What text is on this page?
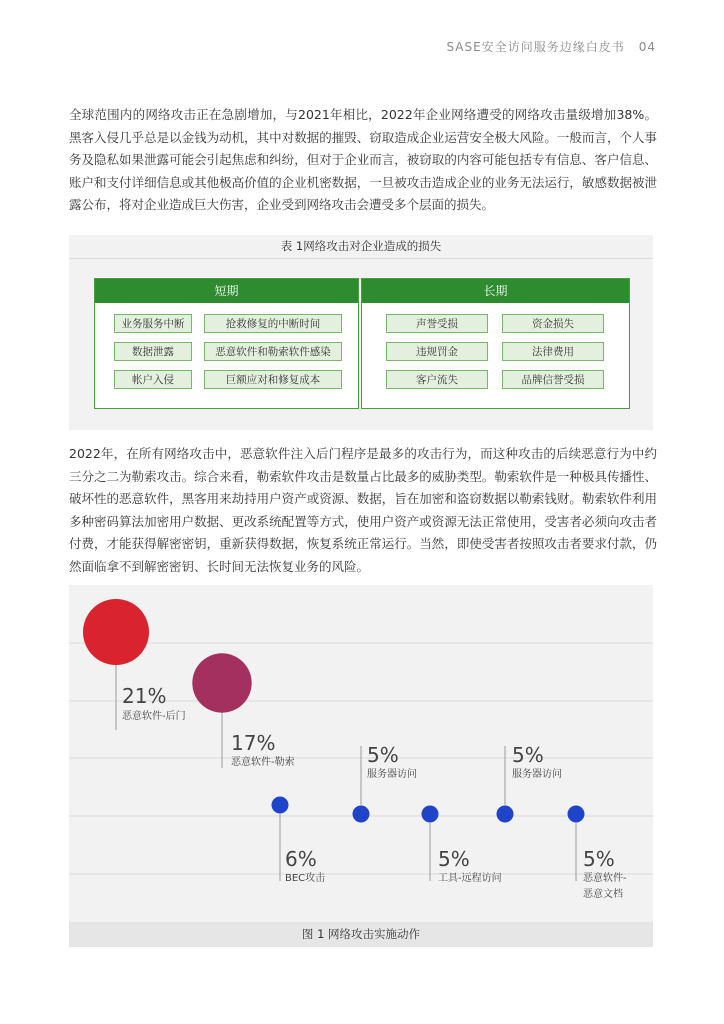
SASE安全访问服务边缘白皮书 04

全球范围内的网络攻击正在急剧增加，与2021年相比，2022年企业网络遭受的网络攻击量级增加38%。黑客入侵几乎总是以金钱为动机，其中对数据的摧毁、窃取造成企业运营安全极大风险。一般而言，个人事务及隐私如果泄露可能会引起焦虑和纠纷，但对于企业而言，被窃取的内容可能包括专有信息、客户信息、账户和支付详细信息或其他极高价值的企业机密数据，一旦被攻击造成企业的业务无法运行，敏感数据被泄露公布，将对企业造成巨大伤害，企业受到网络攻击会遭受多个层面的损失。

表 1网络攻击对企业造成的损失
短期
业务服务中断	抢救修复的中断时间
数据泄露	恶意软件和勒索软件感染
帐户入侵	巨额应对和修复成本
长期
声誉受损	资金损失
违规罚金	法律费用
客户流失	品牌信誉受损

2022年，在所有网络攻击中，恶意软件注入后门程序是最多的攻击行为，而这种攻击的后续恶意行为中约三分之二为勒索攻击。综合来看，勒索软件攻击是数量占比最多的威胁类型。勒索软件是一种极具传播性、破坏性的恶意软件，黑客用来劫持用户资产或资源、数据，旨在加密和盗窃数据以勒索钱财。勒索软件利用多种密码算法加密用户数据、更改系统配置等方式，使用户资产或资源无法正常使用，受害者必须向攻击者付费，才能获得解密密钥，重新获得数据，恢复系统正常运行。当然，即使受害者按照攻击者要求付款，仍然面临拿不到解密密钥、长时间无法恢复业务的风险。

21%
恶意软件-后门
17%
恶意软件-勒索	5%
服务器访问
5%
服务器访问
6%
BEC攻击
5%
工具-远程访问
5%
恶意软件-
恶意文档
图 1 网络攻击实施动作
